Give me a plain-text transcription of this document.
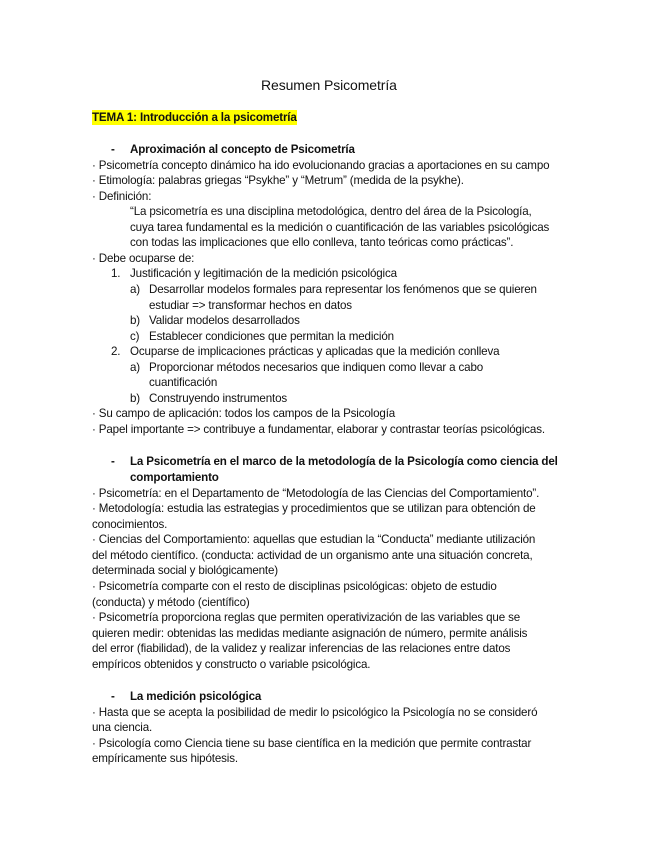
Resumen Psicometría
TEMA 1: Introducción a la psicometría
- Aproximación al concepto de Psicometría
· Psicometría concepto dinámico ha ido evolucionando gracias a aportaciones en su campo
· Etimología: palabras griegas “Psykhe” y “Metrum” (medida de la psykhe).
· Definición:
“La psicometría es una disciplina metodológica, dentro del área de la Psicología,
cuya tarea fundamental es la medición o cuantificación de las variables psicológicas
con todas las implicaciones que ello conlleva, tanto teóricas como prácticas”.
· Debe ocuparse de:
1. Justificación y legitimación de la medición psicológica
a) Desarrollar modelos formales para representar los fenómenos que se quieren
estudiar => transformar hechos en datos
b) Validar modelos desarrollados
c) Establecer condiciones que permitan la medición
2. Ocuparse de implicaciones prácticas y aplicadas que la medición conlleva
a) Proporcionar métodos necesarios que indiquen como llevar a cabo
cuantificación
b) Construyendo instrumentos
· Su campo de aplicación: todos los campos de la Psicología
· Papel importante => contribuye a fundamentar, elaborar y contrastar teorías psicológicas.
- La Psicometría en el marco de la metodología de la Psicología como ciencia del
comportamiento
· Psicometría: en el Departamento de “Metodología de las Ciencias del Comportamiento”.
· Metodología: estudia las estrategias y procedimientos que se utilizan para obtención de
conocimientos.
· Ciencias del Comportamiento: aquellas que estudian la “Conducta” mediante utilización
del método científico. (conducta: actividad de un organismo ante una situación concreta,
determinada social y biológicamente)
· Psicometría comparte con el resto de disciplinas psicológicas: objeto de estudio
(conducta) y método (científico)
· Psicometría proporciona reglas que permiten operativización de las variables que se
quieren medir: obtenidas las medidas mediante asignación de número, permite análisis
del error (fiabilidad), de la validez y realizar inferencias de las relaciones entre datos
empíricos obtenidos y constructo o variable psicológica.
- La medición psicológica
· Hasta que se acepta la posibilidad de medir lo psicológico la Psicología no se consideró
una ciencia.
· Psicología como Ciencia tiene su base científica en la medición que permite contrastar
empíricamente sus hipótesis.
